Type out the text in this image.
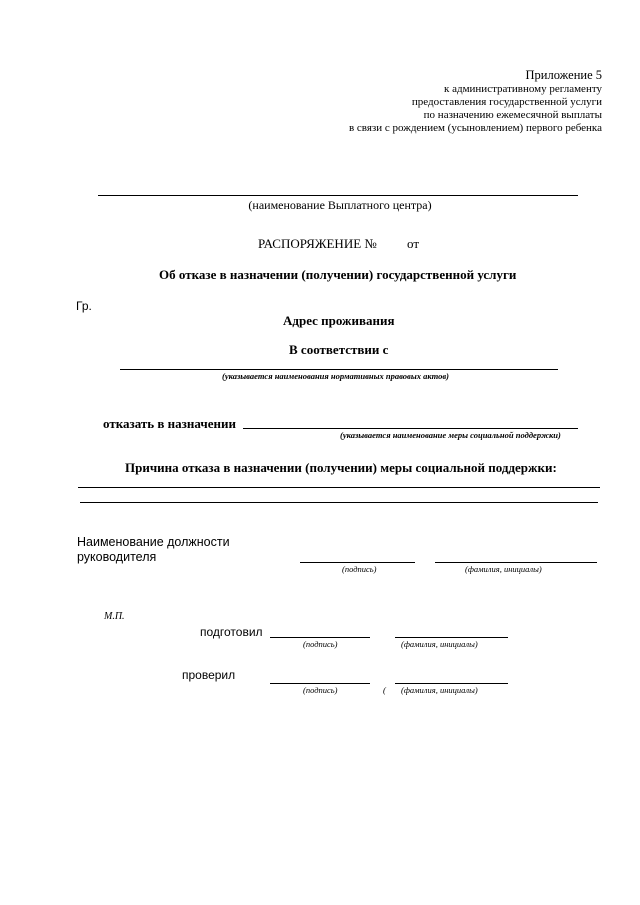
Приложение 5
к административному регламенту
предоставления государственной услуги
по назначению ежемесячной выплаты
в связи с рождением (усыновлением) первого ребенка
(наименование Выплатного центра)
РАСПОРЯЖЕНИЕ № от
Об отказе в назначении (получении) государственной услуги
Гр.
Адрес проживания
В соответствии с
(указывается наименования нормативных правовых актов)
отказать в назначении
(указывается наименование меры социальной поддержки)
Причина отказа в назначении (получении) меры социальной поддержки:
Наименование должности
руководителя
(подпись)	(фамилия, инициалы)
М.П.
подготовил
(подпись)	(фамилия, инициалы)
проверил
(подпись)	( (фамилия, инициалы)
